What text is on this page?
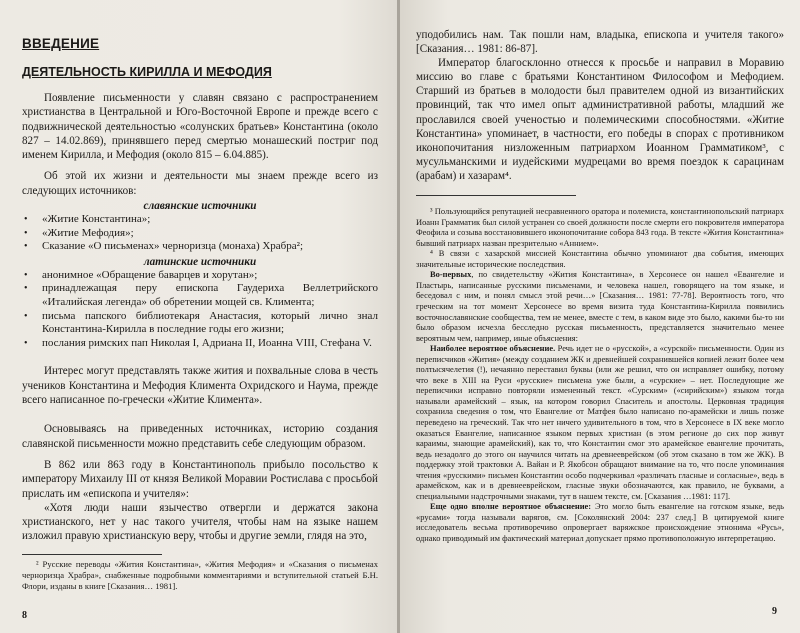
ВВЕДЕНИЕ
ДЕЯТЕЛЬНОСТЬ КИРИЛЛА И МЕФОДИЯ

Появление письменности у славян связано с распространением христианства в Центральной и Юго-Восточной Европе и прежде всего с подвижнической деятельностью «солунских братьев» Константина (около 827 – 14.02.869), принявшего перед смертью монашеский постриг под именем Кирилла, и Мефодия (около 815 – 6.04.885).

Об этой их жизни и деятельности мы знаем прежде всего из следующих источников:

славянские источники
• «Житие Константина»;
• «Житие Мефодия»;
• Сказание «О письменах» черноризца (монаха) Храбра²;
латинские источники
• анонимное «Обращение баварцев и хорутан»;
• принадлежащая перу епископа Гаудериха Веллетрийского «Италийская легенда» об обретении мощей св. Климента;
• письма папского библиотекаря Анастасия, который лично знал Константина-Кирилла в последние годы его жизни;
• послания римских пап Николая I, Адриана II, Иоанна VIII, Стефана V.

Интерес могут представлять также жития и похвальные слова в честь учеников Константина и Мефодия Климента Охридского и Наума, прежде всего написанное по-гречески «Житие Климента».

Основываясь на приведенных источниках, историю создания славянской письменности можно представить себе следующим образом.

В 862 или 863 году в Константинополь прибыло посольство к императору Михаилу III от князя Великой Моравии Ростислава с просьбой прислать им «епископа и учителя»:

«Хотя люди наши язычество отвергли и держатся закона христианского, нет у нас такого учителя, чтобы нам на языке нашем изложил правую христианскую веру, чтобы и другие земли, глядя на это,

² Русские переводы «Жития Константина», «Жития Мефодия» и «Сказания о письменах черноризца Храбра», снабженные подробными комментариями и вступительной статьей Б.Н. Флори, изданы в книге [Сказания… 1981].

8

уподобились нам. Так пошли нам, владыка, епископа и учителя такого» [Сказания… 1981: 86-87].

Император благосклонно отнесся к просьбе и направил в Моравию миссию во главе с братьями Константином Философом и Мефодием. Старший из братьев в молодости был правителем одной из византийских провинций, так что имел опыт административной работы, младший же прославился своей ученостью и полемическими способностями. «Житие Константина» упоминает, в частности, его победы в спорах с противником иконопочитания низложенным патриархом Иоанном Грамматиком³, с мусульманскими и иудейскими мудрецами во время поездок к сарацинам (арабам) и хазарам⁴.

³ Пользующийся репутацией несравненного оратора и полемиста, константинопольский патриарх Иоанн Грамматик был силой устранен со своей должности после смерти его покровителя императора Феофила и созыва восстановившего иконопочитание собора 843 года. В тексте «Жития Константина» бывший патриарх назван презрительно «Аннием».

⁴ В связи с хазарской миссией Константина обычно упоминают два события, имеющих значительные исторические последствия.

Во-первых, по свидетельству «Жития Константина», в Херсонесе он нашел «Евангелие и Пластырь, написанные русскими письменами, и человека нашел, говорящего на том языке, и беседовал с ним, и понял смысл этой речи…» [Сказания… 1981: 77-78]. Вероятность того, что греческим на тот момент Херсонесе во время визита туда Константина-Кирилла появились восточнославянские сообщества, тем не менее, вместе с тем, в каком виде это было, какими бы-то ни было образом исчезла бесследно русская письменность, представляется значительно менее вероятным чем, например, иные объяснения:

Наиболее вероятное объяснение. Речь идет не о «русской», а «сурской» письменности. Один из переписчиков «Жития» (между созданием ЖК и древнейшей сохранившейся копией лежит более чем полтысячелетия (!), нечаянно переставил буквы (или же решил, что он исправляет ошибку, потому что веке в XIII на Руси «русские» письмена уже были, а «сурские» – нет. Последующие же переписчики исправно повторяли измененный текст. «Сурским» («сирийским») языком тогда называли арамейский – язык, на котором говорил Спаситель и апостолы. Церковная традиция сохранила сведения о том, что Евангелие от Матфея было написано по-арамейски и лишь позже переведено на греческий. Так что нет ничего удивительного в том, что в Херсонесе в IX веке могло оказаться Евангелие, написанное языком первых христиан (в этом регионе до сих пор живут караимы, знающие арамейский), как то, что Константин смог это арамейское евангелие прочитать, ведь незадолго до этого он научился читать на древнееврейском (об этом сказано в том же ЖК). В поддержку этой трактовки А. Вайан и Р. Якобсон обращают внимание на то, что после упоминания чтения «русскими» письмен Константин особо подчеркивал «различать гласные и согласные», ведь в арамейском, как и в древнееврейском, гласные звуки обозначаются, как правило, не буквами, а специальными надстрочными знаками, тут в нашем тексте, см. [Сказания …1981: 117].

Еще одно вполне вероятное объяснение: Это могло быть евангелие на готском языке, ведь «русами» тогда называли варягов, см. [Соколянский 2004: 237 след.] В цитируемой книге исследователь весьма противоречиво опровергает варяжское происхождение этнонима «Русь», однако приводимый им фактический материал допускает прямо противоположную интерпретацию.

9
